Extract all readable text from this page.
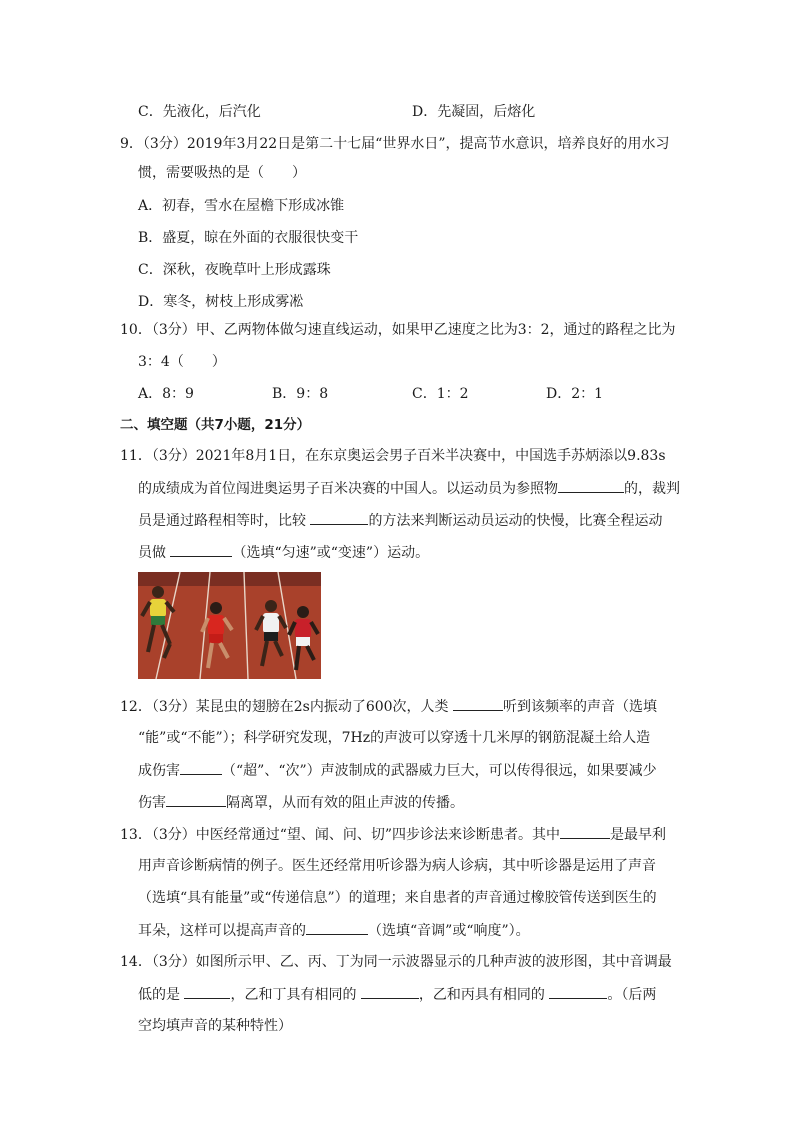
C．先液化，后汽化	D．先凝固，后熔化
9．（3分）2019年3月22日是第二十七届“世界水日”，提高节水意识，培养良好的用水习
惯，需要吸热的是（　　）
A．初春，雪水在屋檐下形成冰锥
B．盛夏，晾在外面的衣服很快变干
C．深秋，夜晚草叶上形成露珠
D．寒冬，树枝上形成雾凇
10．（3分）甲、乙两物体做匀速直线运动，如果甲乙速度之比为3：2，通过的路程之比为
3：4（　　）
A．8：9	B．9：8	C．1：2	D．2：1
二、填空题（共7小题，21分）
11．（3分）2021年8月1日，在东京奥运会男子百米半决赛中，中国选手苏炳添以9.83s
的成绩成为首位闯进奥运男子百米决赛的中国人。以运动员为参照物	的，裁判
员是通过路程相等时，比较	的方法来判断运动员运动的快慢，比赛全程运动
员做	（选填“匀速”或“变速”）运动。
12．（3分）某昆虫的翅膀在2s内振动了600次，人类	听到该频率的声音（选填
“能”或“不能”）；科学研究发现，7Hz的声波可以穿透十几米厚的钢筋混凝土给人造
成伤害	（“超”、“次”）声波制成的武器威力巨大，可以传得很远，如果要减少
伤害	隔离罩，从而有效的阻止声波的传播。
13．（3分）中医经常通过“望、闻、问、切”四步诊法来诊断患者。其中	是最早利
用声音诊断病情的例子。医生还经常用听诊器为病人诊病，其中听诊器是运用了声音
（选填“具有能量”或“传递信息”）的道理；来自患者的声音通过橡胶管传送到医生的
耳朵，这样可以提高声音的	（选填“音调”或“响度”）。
14．（3分）如图所示甲、乙、丙、丁为同一示波器显示的几种声波的波形图，其中音调最
低的是	，乙和丁具有相同的	，乙和丙具有相同的	。（后两
空均填声音的某种特性）
